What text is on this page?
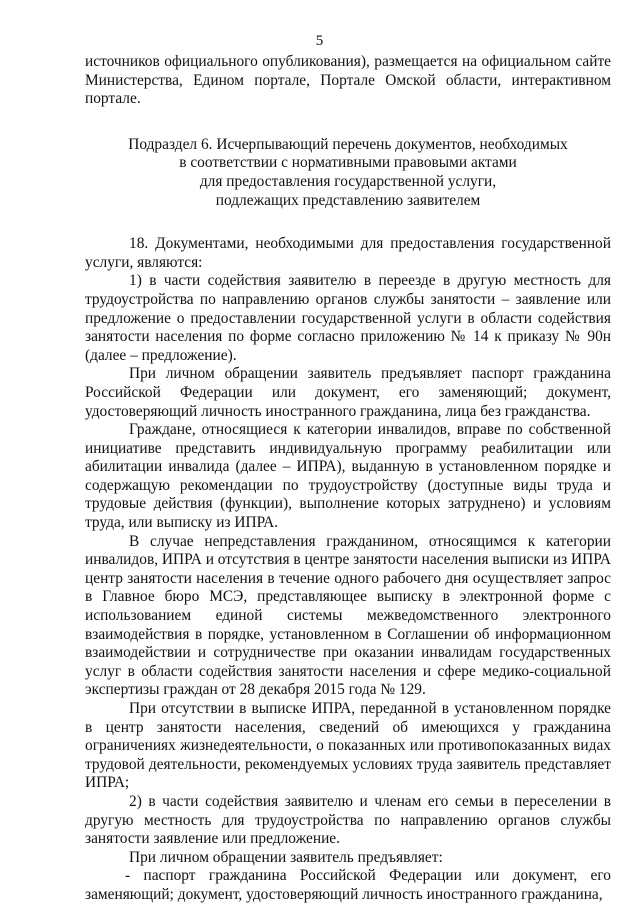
5

источников официального опубликования), размещается на официальном сайте Министерства, Едином портале, Портале Омской области, интерактивном портале.

Подраздел 6. Исчерпывающий перечень документов, необходимых
в соответствии с нормативными правовыми актами
для предоставления государственной услуги,
подлежащих представлению заявителем

18. Документами, необходимыми для предоставления государственной услуги, являются:

1) в части содействия заявителю в переезде в другую местность для трудоустройства по направлению органов службы занятости – заявление или предложение о предоставлении государственной услуги в области содействия занятости населения по форме согласно приложению № 14 к приказу № 90н (далее – предложение).

При личном обращении заявитель предъявляет паспорт гражданина Российской Федерации или документ, его заменяющий; документ, удостоверяющий личность иностранного гражданина, лица без гражданства.

Граждане, относящиеся к категории инвалидов, вправе по собственной инициативе представить индивидуальную программу реабилитации или абилитации инвалида (далее – ИПРА), выданную в установленном порядке и содержащую рекомендации по трудоустройству (доступные виды труда и трудовые действия (функции), выполнение которых затруднено) и условиям труда, или выписку из ИПРА.

В случае непредставления гражданином, относящимся к категории инвалидов, ИПРА и отсутствия в центре занятости населения выписки из ИПРА центр занятости населения в течение одного рабочего дня осуществляет запрос в Главное бюро МСЭ, представляющее выписку в электронной форме с использованием единой системы межведомственного электронного взаимодействия в порядке, установленном в Соглашении об информационном взаимодействии и сотрудничестве при оказании инвалидам государственных услуг в области содействия занятости населения и сфере медико-социальной экспертизы граждан от 28 декабря 2015 года № 129.

При отсутствии в выписке ИПРА, переданной в установленном порядке в центр занятости населения, сведений об имеющихся у гражданина ограничениях жизнедеятельности, о показанных или противопоказанных видах трудовой деятельности, рекомендуемых условиях труда заявитель представляет ИПРА;

2) в части содействия заявителю и членам его семьи в переселении в другую местность для трудоустройства по направлению органов службы занятости заявление или предложение.

При личном обращении заявитель предъявляет:

- паспорт гражданина Российской Федерации или документ, его заменяющий; документ, удостоверяющий личность иностранного гражданина,
